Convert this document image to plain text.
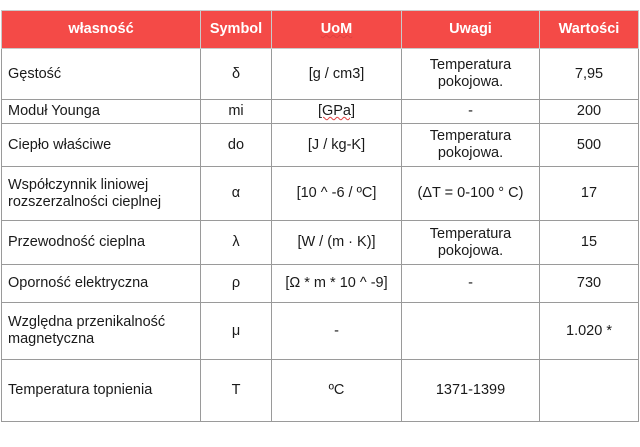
własność	Symbol	UoM	Uwagi	Wartości
Gęstość	δ	[g / cm3]	Temperatura pokojowa.	7,95
Moduł Younga	mi	[GPa]	-	200
Ciepło właściwe	do	[J / kg-K]	Temperatura pokojowa.	500
Współczynnik liniowej rozszerzalności cieplnej	α	[10 ^ -6 / ºC]	(ΔT = 0-100 ° C)	17
Przewodność cieplna	λ	[W / (m · K)]	Temperatura pokojowa.	15
Oporność elektryczna	ρ	[Ω * m * 10 ^ -9]	-	730
Względna przenikalność magnetyczna	μ	-		1.020 *
Temperatura topnienia	T	ºC	1371-1399	
